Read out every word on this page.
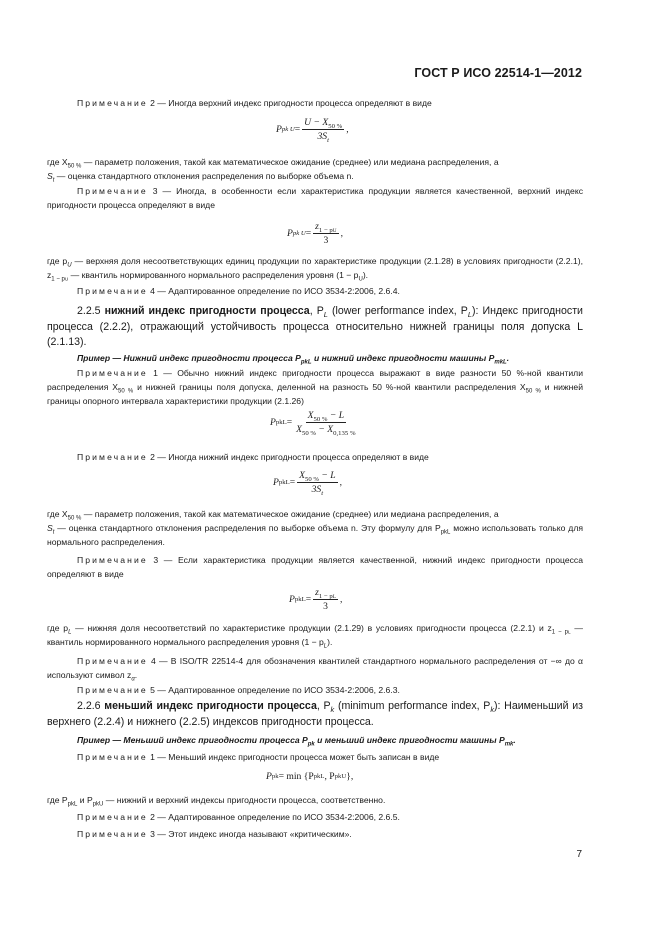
ГОСТ Р ИСО 22514-1—2012
Примечание 2 — Иногда верхний индекс пригодности процесса определяют в виде
P pk $U = \frac{U - X_{50 \%}}{3S_t}$ ,
где $X_{50 \%}$ — параметр положения, такой как математическое ожидание (среднее) или медиана распределения, а
$S_t$ — оценка стандартного отклонения распределения по выборке объема n.
Примечание 3 — Иногда, в особенности если характеристика продукции является качественной, верхний индекс пригодности процесса определяют в виде
P pk $U = \frac{z_{1 - pU}}{3}$ ,
где $p_U$ — верхняя доля несоответствующих единиц продукции по характеристике продукции (2.1.28) в условиях пригодности (2.2.1), $z_{1 - pU}$ — квантиль нормированного нормального распределения уровня $(1 - p_U)$.
Примечание 4 — Адаптированное определение по ИСО 3534-2:2006, 2.6.4.
2.2.5 нижний индекс пригодности процесса, $P_L$ (lower performance index, $P_L$): Индекс пригодности процесса (2.2.2), отражающий устойчивость процесса относительно нижней границы поля допуска L (2.1.13).
Пример — Нижний индекс пригодности процесса $P_{pkL}$ и нижний индекс пригодности машины $P_{mkL}$.
Примечание 1 — Обычно нижний индекс пригодности процесса выражают в виде разности 50 %-ной квантили распределения $X_{50 \%}$ и нижней границы поля допуска, деленной на разность 50 %-ной квантили распределения $X_{50 \%}$ и нижней границы опорного интервала характеристики продукции (2.1.26)
P pkL = $\frac{X_{50 \%} - L}{X_{50 \%} - X_{0,135 \%}}$
Примечание 2 — Иногда нижний индекс пригодности процесса определяют в виде
P pkL = $\frac{X_{50 \%} - L}{3S_t}$ ,
где $X_{50 \%}$ — параметр положения, такой как математическое ожидание (среднее) или медиана распределения, а
$S_t$ — оценка стандартного отклонения распределения по выборке объема n. Эту формулу для $P_{pkL}$ можно использовать только для нормального распределения.
Примечание 3 — Если характеристика продукции является качественной, нижний индекс пригодности процесса определяют в виде
P pkL = $\frac{z_{1 - pL}}{3}$ ,
где $p_L$ — нижняя доля несоответствий по характеристике продукции (2.1.29) в условиях пригодности процесса (2.2.1) и $z_{1 - pL}$ — квантиль нормированного нормального распределения уровня $(1 - p_L)$.
Примечание 4 — В ISO/TR 22514-4 для обозначения квантилей стандартного нормального распределения от −∞ до α используют символ $z_\alpha$.
Примечание 5 — Адаптированное определение по ИСО 3534-2:2006, 2.6.3.
2.2.6 меньший индекс пригодности процесса, $P_k$ (minimum performance index, $P_k$): Наименьший из верхнего (2.2.4) и нижнего (2.2.5) индексов пригодности процесса.
Пример — Меньший индекс пригодности процесса $P_{pk}$ и меньший индекс пригодности машины $P_{mk}$.
Примечание 1 — Меньший индекс пригодности процесса может быть записан в виде
P pk = min {P pkL , P pkU },
где $P_{pkL}$ и $P_{pkU}$ — нижний и верхний индексы пригодности процесса, соответственно.
Примечание 2 — Адаптированное определение по ИСО 3534-2:2006, 2.6.5.
Примечание 3 — Этот индекс иногда называют «критическим».
7
